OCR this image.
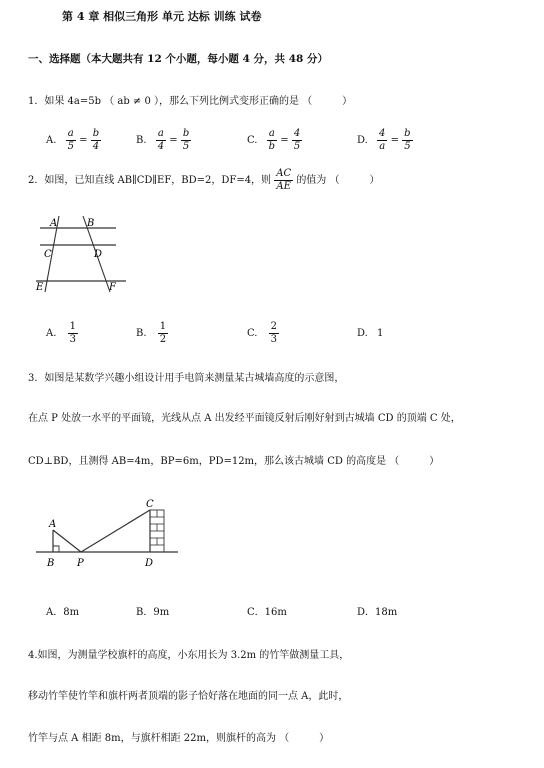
第 4 章 相似三角形 单元 达标 训练 试卷
一、选择题（本大题共有 12 个小题，每小题 4 分，共 48 分）
1．如果 4a=5b （ ab ≠ 0 ），那么下列比例式变形正确的是 （　　　）
A. $\frac{a}{5} = \frac{b}{4}$	B. $\frac{a}{4} = \frac{b}{5}$	C. $\frac{a}{b} = \frac{4}{5}$	D. $\frac{4}{a} = \frac{b}{5}$
2．如图，已知直线 AB∥CD∥EF，BD=2，DF=4，则 $\frac{AC}{AE}$ 的值为 （　　　）
A	B
C	D
E	F
A. $\frac{1}{3}$	B. $\frac{1}{2}$	C. $\frac{2}{3}$	D. 1
3．如图是某数学兴趣小组设计用手电筒来测量某古城墙高度的示意图，
在点 P 处放一水平的平面镜，光线从点 A 出发经平面镜反射后刚好射到古城墙 CD 的顶端 C 处，
CD⊥BD，且测得 AB=4m，BP=6m，PD=12m，那么该古城墙 CD 的高度是 （　　　）
A
B P
C
D
A．8m	B．9m	C．16m	D．18m
4.如图，为测量学校旗杆的高度，小东用长为 3.2m 的竹竿做测量工具，
移动竹竿使竹竿和旗杆两者顶端的影子恰好落在地面的同一点 A，此时，
竹竿与点 A 相距 8m，与旗杆相距 22m，则旗杆的高为 （　　　）
